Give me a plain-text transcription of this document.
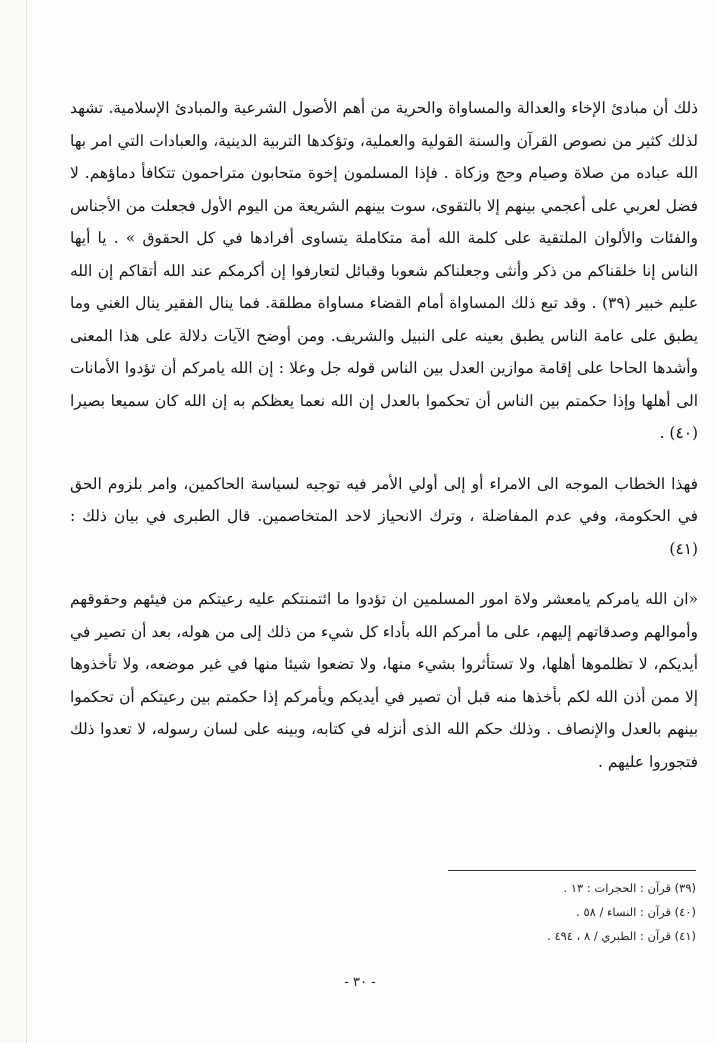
ذلك أن مبادئ الإخاء والعدالة والمساواة والحرية من أهم الأصول الشرعية والمبادئ الإسلامية. تشهد لذلك كثير من نصوص القرآن والسنة القولية والعملية، وتؤكدها التربية الدينية، والعبادات التي امر بها الله عباده من صلاة وصيام وحج وزكاة . فإذا المسلمون إخوة متحابون متراحمون تتكافأ دماؤهم. لا فضل لعربي على أعجمي بينهم إلا بالتقوى، سوت بينهم الشريعة من اليوم الأول فجعلت من الأجناس والفئات والألوان الملتقية على كلمة الله أمة متكاملة يتساوى أفرادها في كل الحقوق » . يا أيها الناس إنا خلقناكم من ذكر وأنثى وجعلناكم شعوبا وقبائل لتعارفوا إن أكرمكم عند الله أتقاكم إن الله عليم خبير (٣٩) . وقد تبع ذلك المساواة أمام القضاء مساواة مطلقة. فما ينال الفقير ينال الغني وما يطبق على عامة الناس يطبق بعينه على النبيل والشريف. ومن أوضح الآيات دلالة على هذا المعنى وأشدها الحاحا على إقامة موازين العدل بين الناس قوله جل وعلا : إن الله يامركم أن تؤدوا الأمانات الى أهلها وإذا حكمتم بين الناس أن تحكموا بالعدل إن الله نعما يعظكم به إن الله كان سميعا بصيرا (٤٠) .

فهذا الخطاب الموجه الى الامراء أو إلى أولي الأمر فيه توجيه لسياسة الحاكمين، وامر بلزوم الحق في الحكومة، وفي عدم المفاضلة ، وترك الانحياز لاحد المتخاصمين. قال الطبرى في بيان ذلك : (٤١)

«ان الله يامركم يامعشر ولاة امور المسلمين ان تؤدوا ما ائتمنتكم عليه رعيتكم من فيئهم وحقوقهم وأموالهم وصدقاتهم إليهم، على ما أمركم الله بأداء كل شيء من ذلك إلى من هوله، بعد أن تصير في أيديكم، لا تظلموها أهلها، ولا تستأثروا بشيء منها، ولا تضعوا شيئا منها في غير موضعه، ولا تأخذوها إلا ممن أذن الله لكم بأخذها منه قبل أن تصير في أيديكم ويأمركم إذا حكمتم بين رعيتكم أن تحكموا بينهم بالعدل والإنصاف . وذلك حكم الله الذى أنزله في كتابه، وبينه على لسان رسوله، لا تعدوا ذلك فتجوروا عليهم .

(٣٩) قرآن : الحجرات : ١٣ .
(٤٠) قرآن : النساء / ٥٨ .
(٤١) قرآن : الطبري / ٨ ، ٤٩٤ .
- ٣٠ -
